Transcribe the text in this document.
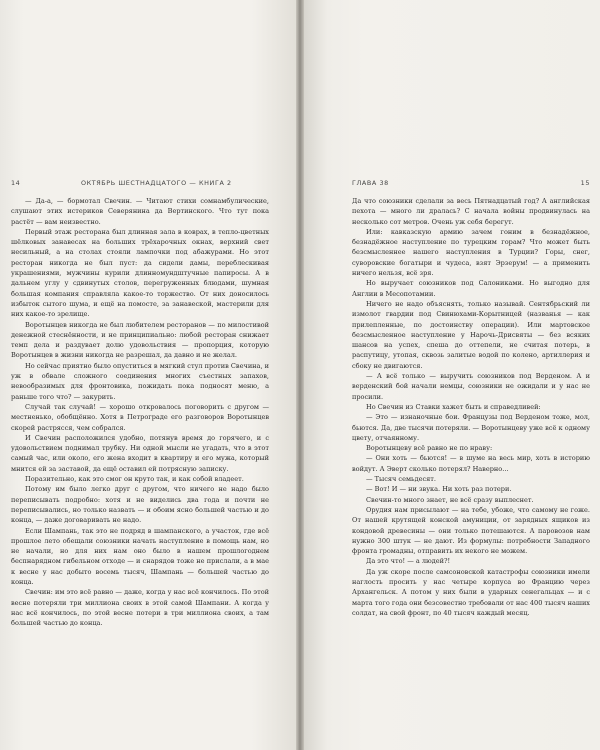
14	ОКТЯБРЬ ШЕСТНАДЦАТОГО — КНИГА 2

— Да-а, — бормотал Свечин. — Читают стихи сомнамбулические, слушают этих истериков Северянина да Вертинского. Что тут пока растёт — вам неизвестно.

Первый этаж ресторана был длинная зала в коврах, в тепло-цветных шёлковых занавесах на больших трёхарочных окнах, верхний свет несильный, а на столах стояли лампочки под абажурами. Но этот ресторан никогда не был пуст: да сидели дамы, переблескивая украшениями, мужчины курили длинномундштучные папиросы. А в дальнем углу у сдвинутых столов, перегруженных блюдами, шумная большая компания справляла какое-то торжество. От них доносилось избыток сытого шума, и ещё на помосте, за занавеской, мастерили для них какое-то зрелище.

Воротынцев никогда не был любителем ресторанов — по милостивой денежной стеснённости, и не принципиально: любой ресторан снижает темп дела и раздувает долю удовольствия — пропорция, которую Воротынцев в жизни никогда не разрешал, да давно и не желал.

Но сейчас приятно было опуститься в мягкий стул против Свечина, и уж в обвале сложного соединения многих съестных запахов, невообразимых для фронтовика, пожидать пока подносят меню, а раньше того что? — закурить.

Случай так случай! — хорошо откровалось поговорить с другом — местненько, обобщённо. Хотя в Петрограде его разговоров Воротынцев скорей растрясся, чем собрался.

И Свечин расположился удобно, потянув время до горячего, и с удовольствием поднимал трубку. Ни одной мысли не угадать, что в этот самый час, или около, его жена входит в квартиру и его мужа, который мнится ей за заставой, да ещё оставил ей потрясную записку.

Поразительно, как это смог он круто так, и как собой владеет.

Потому им было легко друг с другом, что ничего не надо было переписывать подробно: хотя и не виделись два года и почти не переписывались, но только назвать — и обоим ясно большей частью и до конца, — даже договаривать не надо.

Если Шампань, так это не подряд в шампанского, а участок, где всё прошлое лето обещали союзники начать наступление в помощь нам, но не начали, но для них нам оно было в нашем прошлогоднем беспнарядном гибельном отходе — и снарядов тоже не прислали, а в мае к весне у нас добыто восемь тысяч, Шампань — большей частью до конца.

Свечин: им это всё равно — даже, когда у нас всё кончилось. По этой весне потеряли три миллиона своих в этой самой Шампани. А когда у нас всё кончилось, по этой весне потери в три миллиона своих, а там большей частью до конца.

ГЛАВА 38	15

Да что союзники сделали за весь Пятнадцатый год? А английская пехота — много ли дралась? С начала войны продвинулась на несколько сот метров. Очень уж себя берегут.

Или: кавказскую армию зачем гоним в безнадёжное, безнадёжное наступление по турецким горам? Что может быть безсмысленнее нашего наступления в Турции? Горы, снег, суворовские богатыри и чудеса, взят Эрзерум! — а применить ничего нельзя, всё зря.

Но выручает союзников под Салониками. Но выгодно для Англии в Месопотамии.

Ничего не надо объяснять, только называй. Сентябрьский ли измолот гвардии под Свинюхами-Корытницей (названья — как прилепленные, по достоинству операции). Или мартовское безсмысленное наступление у Нарочь-Дрисвяты — без всяких шансов на успех, спеша до оттепели, не считая потерь, в распутицу, утопая, сквозь залитые водой по колено, артиллерия и сбоку не двигаются.

— А всё только — выручить союзников под Верденом. А и верденский бой начали немцы, союзники не ожидали и у нас не просили.

Но Свечин из Ставки хажет быть и справедливей:

— Это — изнаночные бои. Французы под Верденом тоже, мол, бьются. Да, две тысячи потеряли. — Воротынцеву уже всё к одному цвету, отчаянному.

Воротынцеву всё равно не по нраву:

— Они хоть — бьются! — в шуме на весь мир, хоть в историю войдут. А Эверт сколько потерял? Наверно...

— Тысяч семьдесят.

— Вот! И — ни звука. Ни хоть раз потери.

Свечин-то много знает, не всё сразу выплеснет.

Орудия нам присылают — на тебе, убоже, что самому не гоже. От нашей крутящей конской амуниции, от зарядных ящиков из кондовой древесины — они только потешаются. А паровозов нам нужно 300 штук — не дают. Из формулы: потребности Западного фронта громадны, отправить их некого не можем.

Да это что! — а людей?!

Да уж скоре после самсоновской катастрофы союзники имели наглость просить у нас четыре корпуса во Францию через Архангельск. А потом у них были в ударных сенегальцах — и с марта того года они безсовестно требовали от нас 400 тысяч наших солдат, на свой фронт, по 40 тысяч каждый месяц.
